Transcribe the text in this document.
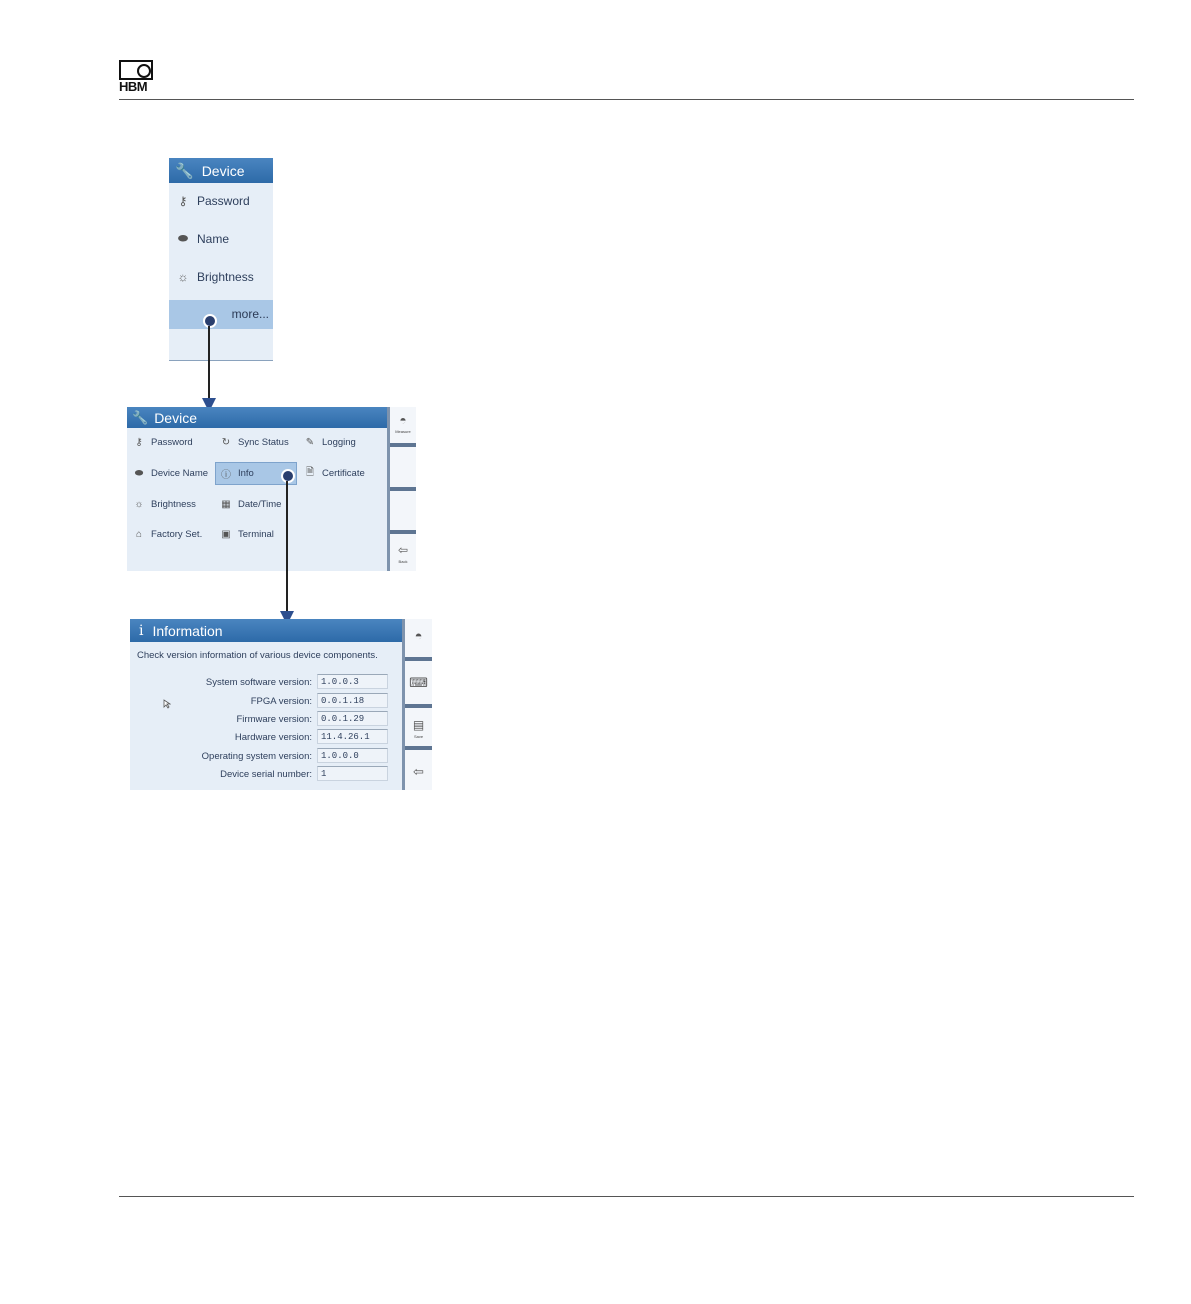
HBM
🔧 Device
⚷ Password
⬬ Name
☼ Brightness
more...
🔧 Device
⚷ Password	↻ Sync Status ✎ Logging
⬬ Device Name ⓘ Info	🗎 Certificate
☼ Brightness	▦ Date/Time
⌂ Factory Set. ▣ Terminal
◓
Measure
⇦
Back
i Information
Check version information of various device components.
System software version:	1.0.0.3
FPGA version:	0.0.1.18
Firmware version:	0.0.1.29
Hardware version:	11.4.26.1
Operating system version:	1.0.0.0
Device serial number:	1
◓
⌨
▤
Save
⇦
